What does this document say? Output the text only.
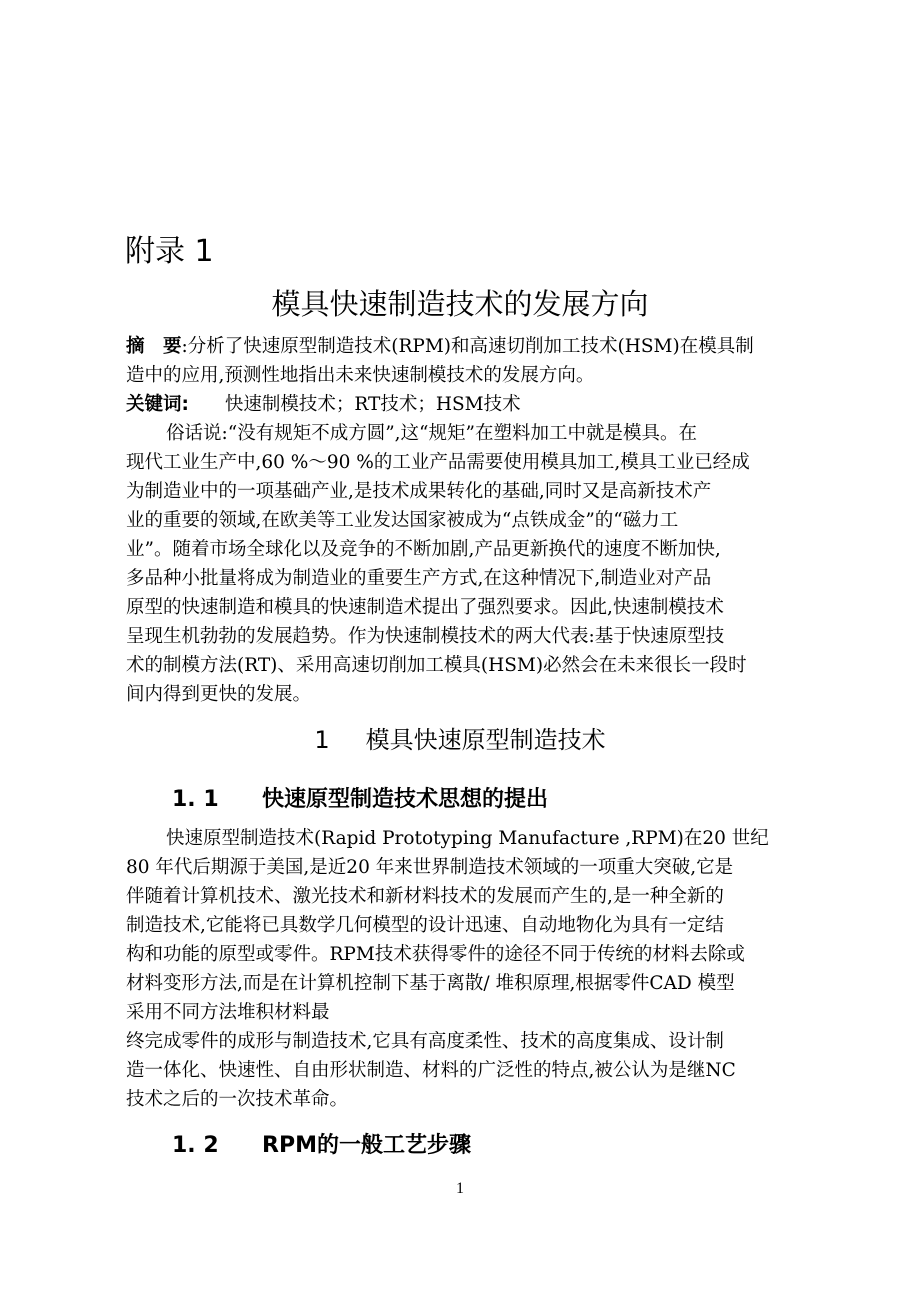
附录 1
模具快速制造技术的发展方向
摘　要:分析了快速原型制造技术(RPM)和高速切削加工技术(HSM)在模具制
造中的应用,预测性地指出未来快速制模技术的发展方向。
关键词: 快速制模技术；RT技术；HSM技术
俗话说:“没有规矩不成方圆”,这“规矩”在塑料加工中就是模具。在
现代工业生产中,60 %～90 %的工业产品需要使用模具加工,模具工业已经成
为制造业中的一项基础产业,是技术成果转化的基础,同时又是高新技术产
业的重要的领域,在欧美等工业发达国家被成为“点铁成金”的“磁力工
业”。随着市场全球化以及竞争的不断加剧,产品更新换代的速度不断加快,
多品种小批量将成为制造业的重要生产方式,在这种情况下,制造业对产品
原型的快速制造和模具的快速制造术提出了强烈要求。因此,快速制模技术
呈现生机勃勃的发展趋势。作为快速制模技术的两大代表:基于快速原型技
术的制模方法(RT)、采用高速切削加工模具(HSM)必然会在未来很长一段时
间内得到更快的发展。
1 模具快速原型制造技术
1. 1 快速原型制造技术思想的提出
快速原型制造技术(Rapid Prototyping Manufacture ,RPM)在20 世纪
80 年代后期源于美国,是近20 年来世界制造技术领域的一项重大突破,它是
伴随着计算机技术、激光技术和新材料技术的发展而产生的,是一种全新的
制造技术,它能将已具数学几何模型的设计迅速、自动地物化为具有一定结
构和功能的原型或零件。RPM技术获得零件的途径不同于传统的材料去除或
材料变形方法,而是在计算机控制下基于离散/ 堆积原理,根据零件CAD 模型
采用不同方法堆积材料最
终完成零件的成形与制造技术,它具有高度柔性、技术的高度集成、设计制
造一体化、快速性、自由形状制造、材料的广泛性的特点,被公认为是继NC
技术之后的一次技术革命。
1. 2 RPM的一般工艺步骤
1
